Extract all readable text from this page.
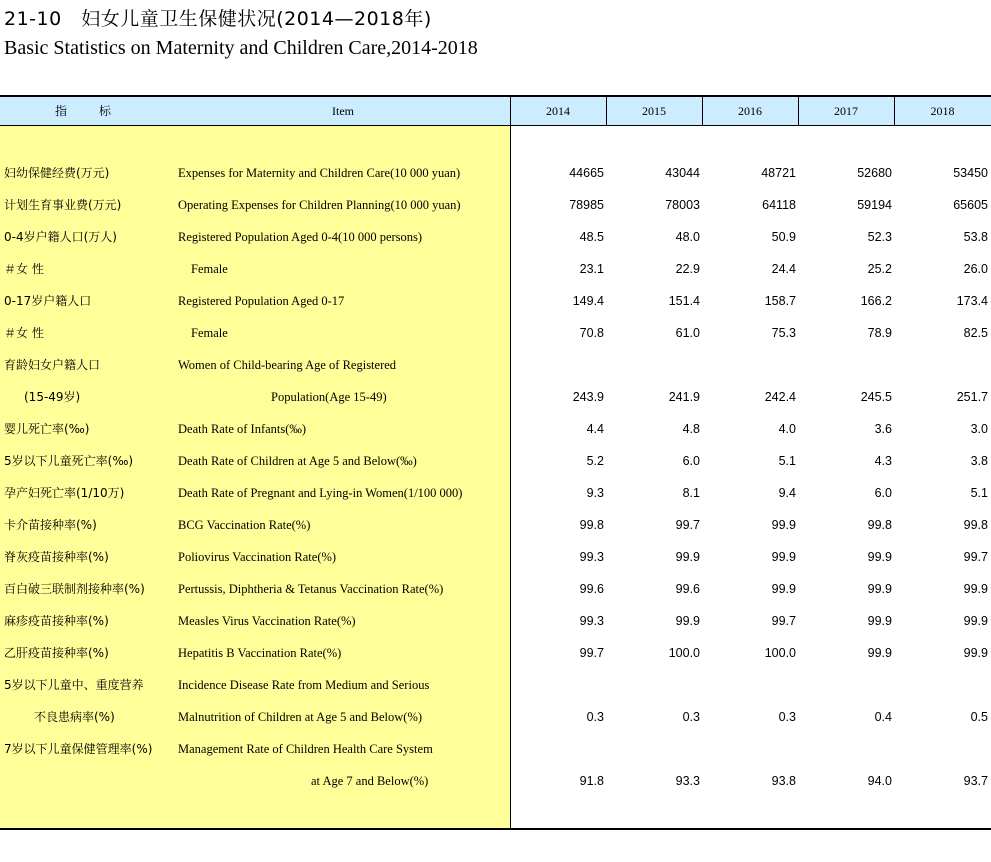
21-10　妇女儿童卫生保健状况(2014—2018年)
Basic Statistics on Maternity and Children Care,2014-2018
指　标	Item	2014	2015	2016	2017	2018
妇幼保健经费(万元)	Expenses for Maternity and Children Care(10 000 yuan)	44665	43044	48721	52680	53450
计划生育事业费(万元)	Operating Expenses for Children Planning(10 000 yuan)	78985	78003	64118	59194	65605
0-4岁户籍人口(万人)	Registered Population Aged 0-4(10 000 persons)	48.5	48.0	50.9	52.3	53.8
＃女 性	Female	23.1	22.9	24.4	25.2	26.0
0-17岁户籍人口	Registered Population Aged 0-17	149.4	151.4	158.7	166.2	173.4
＃女 性	Female	70.8	61.0	75.3	78.9	82.5
育龄妇女户籍人口	Women of Child-bearing Age of Registered
(15-49岁)	Population(Age 15-49)	243.9	241.9	242.4	245.5	251.7
婴儿死亡率(‰)	Death Rate of Infants(‰)	4.4	4.8	4.0	3.6	3.0
5岁以下儿童死亡率(‰)	Death Rate of Children at Age 5 and Below(‰)	5.2	6.0	5.1	4.3	3.8
孕产妇死亡率(1/10万)	Death Rate of Pregnant and Lying-in Women(1/100 000)	9.3	8.1	9.4	6.0	5.1
卡介苗接种率(%)	BCG Vaccination Rate(%)	99.8	99.7	99.9	99.8	99.8
脊灰疫苗接种率(%)	Poliovirus Vaccination Rate(%)	99.3	99.9	99.9	99.9	99.7
百白破三联制剂接种率(%)	Pertussis, Diphtheria & Tetanus Vaccination Rate(%)	99.6	99.6	99.9	99.9	99.9
麻疹疫苗接种率(%)	Measles Virus Vaccination Rate(%)	99.3	99.9	99.7	99.9	99.9
乙肝疫苗接种率(%)	Hepatitis B Vaccination Rate(%)	99.7	100.0	100.0	99.9	99.9
5岁以下儿童中、重度营养	Incidence Disease Rate from Medium and Serious
不良患病率(%)	Malnutrition of Children at Age 5 and Below(%)	0.3	0.3	0.3	0.4	0.5
7岁以下儿童保健管理率(%) Management Rate of Children Health Care System
at Age 7 and Below(%)	91.8	93.3	93.8	94.0	93.7
